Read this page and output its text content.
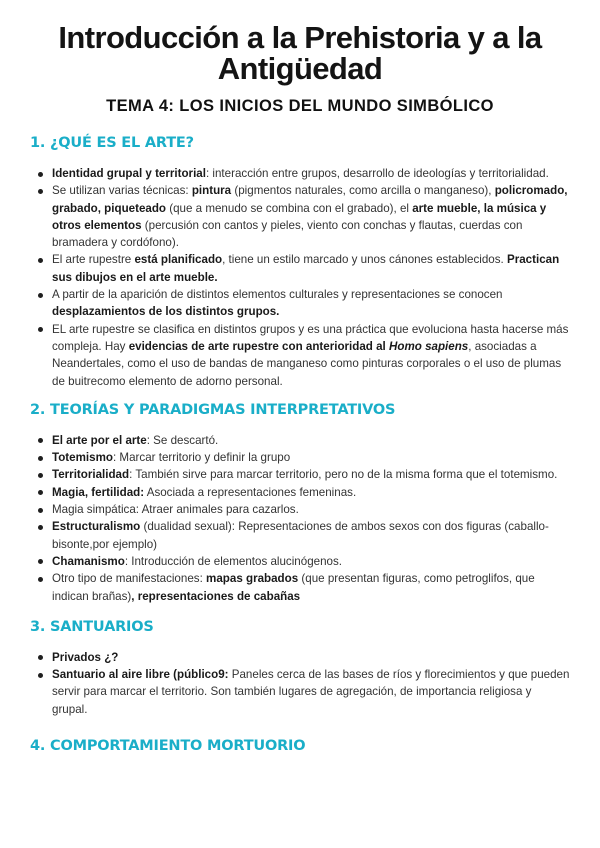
Introducción a la Prehistoria y a la Antigüedad
TEMA 4: LOS INICIOS DEL MUNDO SIMBÓLICO
1. ¿QUÉ ES EL ARTE?
Identidad grupal y territorial: interacción entre grupos, desarrollo de ideologías y territorialidad.
Se utilizan varias técnicas: pintura (pigmentos naturales, como arcilla o manganeso), policromado, grabado, piqueteado (que a menudo se combina con el grabado), el arte mueble, la música y otros elementos (percusión con cantos y pieles, viento con conchas y flautas, cuerdas con bramadera y cordófono).
El arte rupestre está planificado, tiene un estilo marcado y unos cánones establecidos. Practican sus dibujos en el arte mueble.
A partir de la aparición de distintos elementos culturales y representaciones se conocen desplazamientos de los distintos grupos.
EL arte rupestre se clasifica en distintos grupos y es una práctica que evoluciona hasta hacerse más compleja. Hay evidencias de arte rupestre con anterioridad al Homo sapiens, asociadas a Neandertales, como el uso de bandas de manganeso como pinturas corporales o el uso de plumas de buitrecomo elemento de adorno personal.
2. TEORÍAS Y PARADIGMAS INTERPRETATIVOS
El arte por el arte: Se descartó.
Totemismo: Marcar territorio y definir la grupo
Territorialidad: También sirve para marcar territorio, pero no de la misma forma que el totemismo.
Magia, fertilidad: Asociada a representaciones femeninas.
Magia simpática: Atraer animales para cazarlos.
Estructuralismo (dualidad sexual): Representaciones de ambos sexos con dos figuras (caballo-bisonte,por ejemplo)
Chamanismo: Introducción de elementos alucinógenos.
Otro tipo de manifestaciones: mapas grabados (que presentan figuras, como petroglifos, que indican brañas), representaciones de cabañas
3. SANTUARIOS
Privados ¿?
Santuario al aire libre (público9: Paneles cerca de las bases de ríos y florecimientos y que pueden servir para marcar el territorio. Son también lugares de agregación, de importancia religiosa y grupal.
4. COMPORTAMIENTO MORTUORIO
